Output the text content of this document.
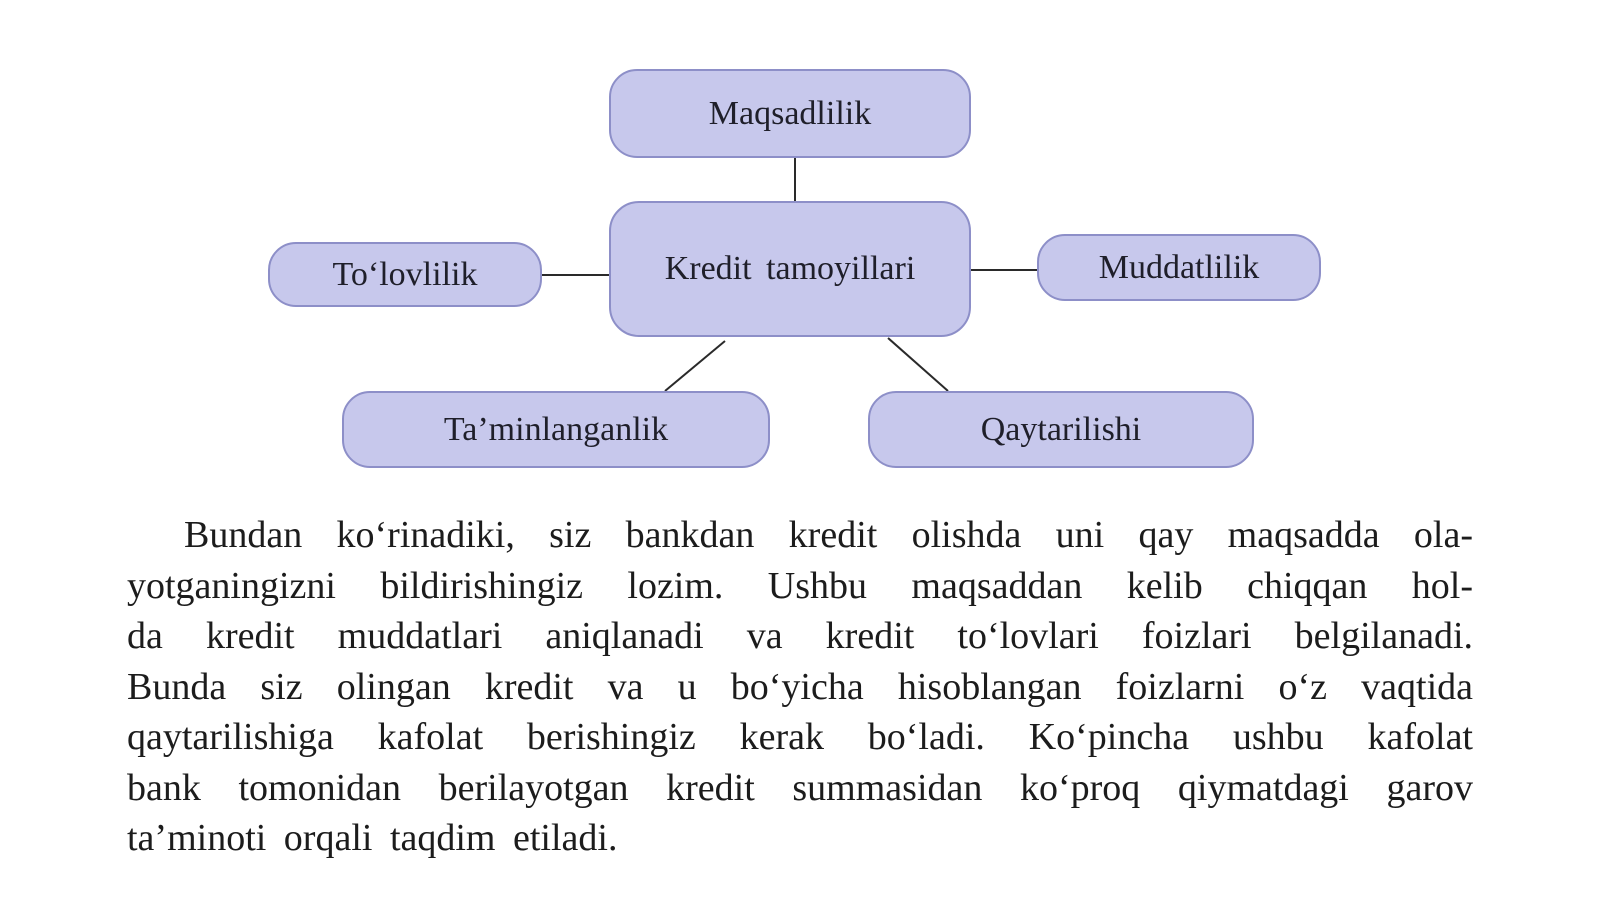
Maqsadlilik
Kredit tamoyillari
To‘lovlilik	Muddatlilik
Ta’minlanganlik	Qaytarilishi
Bundan ko‘rinadiki, siz bankdan kredit olishda uni qay maqsadda ola-
yotganingizni bildirishingiz lozim. Ushbu maqsaddan kelib chiqqan hol-
da kredit muddatlari aniqlanadi va kredit to‘lovlari foizlari belgilanadi.
Bunda siz olingan kredit va u bo‘yicha hisoblangan foizlarni o‘z vaqtida
qaytarilishiga kafolat berishingiz kerak bo‘ladi. Ko‘pincha ushbu kafolat
bank tomonidan berilayotgan kredit summasidan ko‘proq qiymatdagi garov
ta’minoti orqali taqdim etiladi.
